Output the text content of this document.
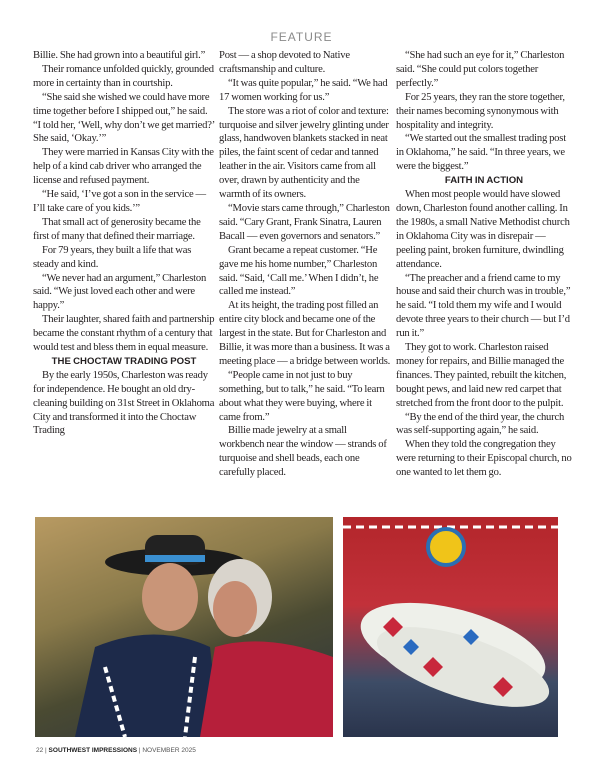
FEATURE

Billie. She had grown into a beautiful girl.”

Their romance unfolded quickly, grounded more in certainty than in courtship.

“She said she wished we could have more time together before I shipped out,” he said. “I told her, ‘Well, why don’t we get married?’ She said, ‘Okay.’”

They were married in Kansas City with the help of a kind cab driver who arranged the license and refused payment.

“He said, ‘I’ve got a son in the service — I’ll take care of you kids.’”

That small act of generosity became the first of many that defined their marriage.

For 79 years, they built a life that was steady and kind.

“We never had an argument,” Charleston said. “We just loved each other and were happy.”

Their laughter, shared faith and partnership became the constant rhythm of a century that would test and bless them in equal measure.

THE CHOCTAW TRADING POST

By the early 1950s, Charleston was ready for independence. He bought an old dry-cleaning building on 31st Street in Oklahoma City and transformed it into the Choctaw Trading

Post — a shop devoted to Native craftsmanship and culture.

“It was quite popular,” he said. “We had 17 women working for us.”

The store was a riot of color and texture: turquoise and silver jewelry glinting under glass, handwoven blankets stacked in neat piles, the faint scent of cedar and tanned leather in the air. Visitors came from all over, drawn by authenticity and the warmth of its owners.

“Movie stars came through,” Charleston said. “Cary Grant, Frank Sinatra, Lauren Bacall — even governors and senators.”

Grant became a repeat customer. “He gave me his home number,” Charleston said. “Said, ‘Call me.’ When I didn’t, he called me instead.”

At its height, the trading post filled an entire city block and became one of the largest in the state. But for Charleston and Billie, it was more than a business. It was a meeting place — a bridge between worlds.

“People came in not just to buy something, but to talk,” he said. “To learn about what they were buying, where it came from.”

Billie made jewelry at a small workbench near the window — strands of turquoise and shell beads, each one carefully placed.

“She had such an eye for it,” Charleston said. “She could put colors together perfectly.”

For 25 years, they ran the store together, their names becoming synonymous with hospitality and integrity.

“We started out the smallest trading post in Oklahoma,” he said. “In three years, we were the biggest.”

FAITH IN ACTION

When most people would have slowed down, Charleston found another calling. In the 1980s, a small Native Methodist church in Oklahoma City was in disrepair — peeling paint, broken furniture, dwindling attendance.

“The preacher and a friend came to my house and said their church was in trouble,” he said. “I told them my wife and I would devote three years to their church — but I’d run it.”

They got to work. Charleston raised money for repairs, and Billie managed the finances. They painted, rebuilt the kitchen, bought pews, and laid new red carpet that stretched from the front door to the pulpit.

“By the end of the third year, the church was self-supporting again,” he said.

When they told the congregation they were returning to their Episcopal church, no one wanted to let them go.

22 | SOUTHWEST IMPRESSIONS | NOVEMBER 2025
